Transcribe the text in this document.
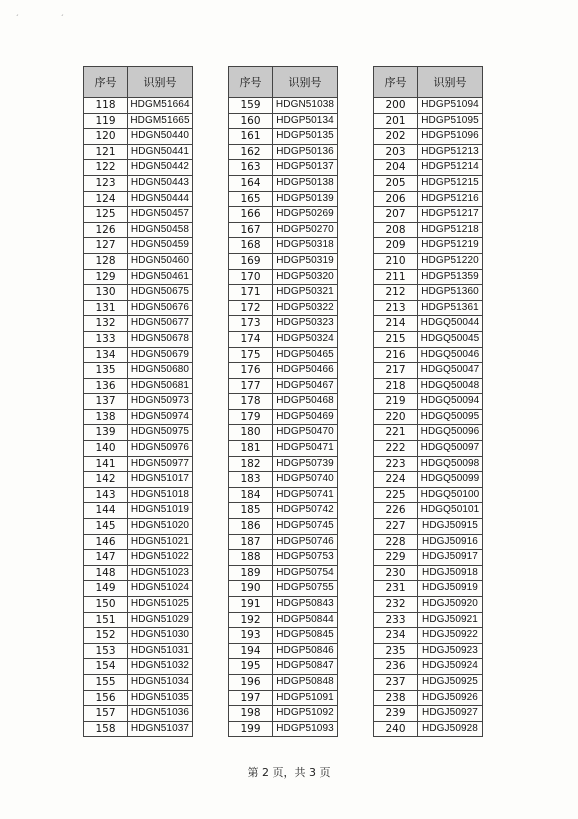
ˊ	ˊ
序号	识别号
118	HDGM51664
119	HDGM51665
120	HDGN50440
121	HDGN50441
122	HDGN50442
123	HDGN50443
124	HDGN50444
125	HDGN50457
126	HDGN50458
127	HDGN50459
128	HDGN50460
129	HDGN50461
130	HDGN50675
131	HDGN50676
132	HDGN50677
133	HDGN50678
134	HDGN50679
135	HDGN50680
136	HDGN50681
137	HDGN50973
138	HDGN50974
139	HDGN50975
140	HDGN50976
141	HDGN50977
142	HDGN51017
143	HDGN51018
144	HDGN51019
145	HDGN51020
146	HDGN51021
147	HDGN51022
148	HDGN51023
149	HDGN51024
150	HDGN51025
151	HDGN51029
152	HDGN51030
153	HDGN51031
154	HDGN51032
155	HDGN51034
156	HDGN51035
157	HDGN51036
158	HDGN51037
序号	识别号
159	HDGN51038
160	HDGP50134
161	HDGP50135
162	HDGP50136
163	HDGP50137
164	HDGP50138
165	HDGP50139
166	HDGP50269
167	HDGP50270
168	HDGP50318
169	HDGP50319
170	HDGP50320
171	HDGP50321
172	HDGP50322
173	HDGP50323
174	HDGP50324
175	HDGP50465
176	HDGP50466
177	HDGP50467
178	HDGP50468
179	HDGP50469
180	HDGP50470
181	HDGP50471
182	HDGP50739
183	HDGP50740
184	HDGP50741
185	HDGP50742
186	HDGP50745
187	HDGP50746
188	HDGP50753
189	HDGP50754
190	HDGP50755
191	HDGP50843
192	HDGP50844
193	HDGP50845
194	HDGP50846
195	HDGP50847
196	HDGP50848
197	HDGP51091
198	HDGP51092
199	HDGP51093
序号	识别号
200	HDGP51094
201	HDGP51095
202	HDGP51096
203	HDGP51213
204	HDGP51214
205	HDGP51215
206	HDGP51216
207	HDGP51217
208	HDGP51218
209	HDGP51219
210	HDGP51220
211	HDGP51359
212	HDGP51360
213	HDGP51361
214	HDGQ50044
215	HDGQ50045
216	HDGQ50046
217	HDGQ50047
218	HDGQ50048
219	HDGQ50094
220	HDGQ50095
221	HDGQ50096
222	HDGQ50097
223	HDGQ50098
224	HDGQ50099
225	HDGQ50100
226	HDGQ50101
227	HDGJ50915
228	HDGJ50916
229	HDGJ50917
230	HDGJ50918
231	HDGJ50919
232	HDGJ50920
233	HDGJ50921
234	HDGJ50922
235	HDGJ50923
236	HDGJ50924
237	HDGJ50925
238	HDGJ50926
239	HDGJ50927
240	HDGJ50928
第 2 页，共 3 页
